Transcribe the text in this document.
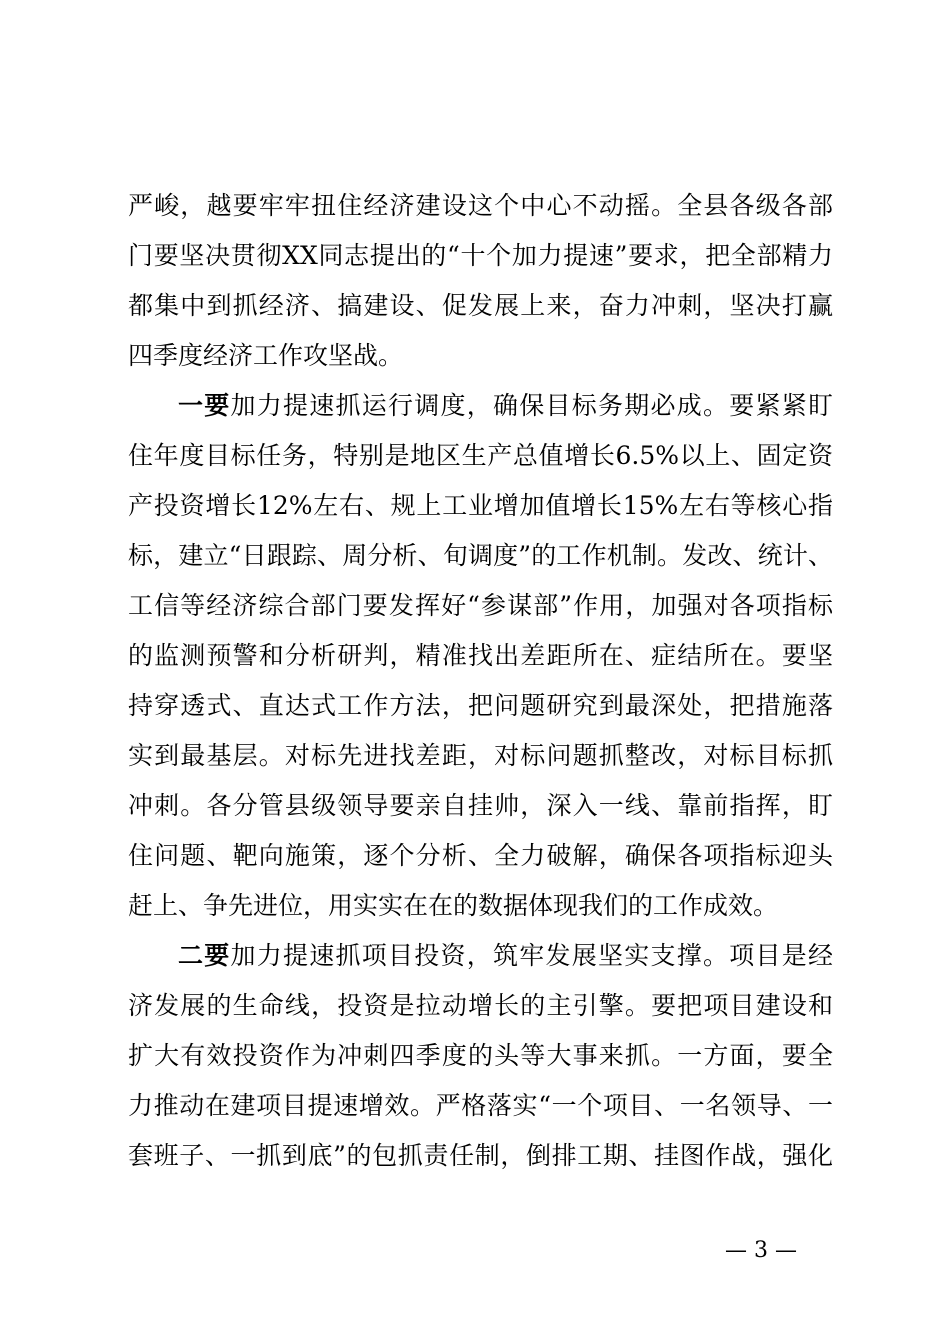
严峻，越要牢牢扭住经济建设这个中心不动摇。全县各级各部
门要坚决贯彻XX同志提出的“十个加力提速”要求，把全部精力
都集中到抓经济、搞建设、促发展上来，奋力冲刺，坚决打赢
四季度经济工作攻坚战。
一要加力提速抓运行调度，确保目标务期必成。要紧紧盯
住年度目标任务，特别是地区生产总值增长6.5%以上、固定资
产投资增长12%左右、规上工业增加值增长15%左右等核心指
标，建立“日跟踪、周分析、旬调度”的工作机制。发改、统计、
工信等经济综合部门要发挥好“参谋部”作用，加强对各项指标
的监测预警和分析研判，精准找出差距所在、症结所在。要坚
持穿透式、直达式工作方法，把问题研究到最深处，把措施落
实到最基层。对标先进找差距，对标问题抓整改，对标目标抓
冲刺。各分管县级领导要亲自挂帅，深入一线、靠前指挥，盯
住问题、靶向施策，逐个分析、全力破解，确保各项指标迎头
赶上、争先进位，用实实在在的数据体现我们的工作成效。
二要加力提速抓项目投资，筑牢发展坚实支撑。项目是经
济发展的生命线，投资是拉动增长的主引擎。要把项目建设和
扩大有效投资作为冲刺四季度的头等大事来抓。一方面，要全
力推动在建项目提速增效。严格落实“一个项目、一名领导、一
套班子、一抓到底”的包抓责任制，倒排工期、挂图作战，强化
— 3 —
